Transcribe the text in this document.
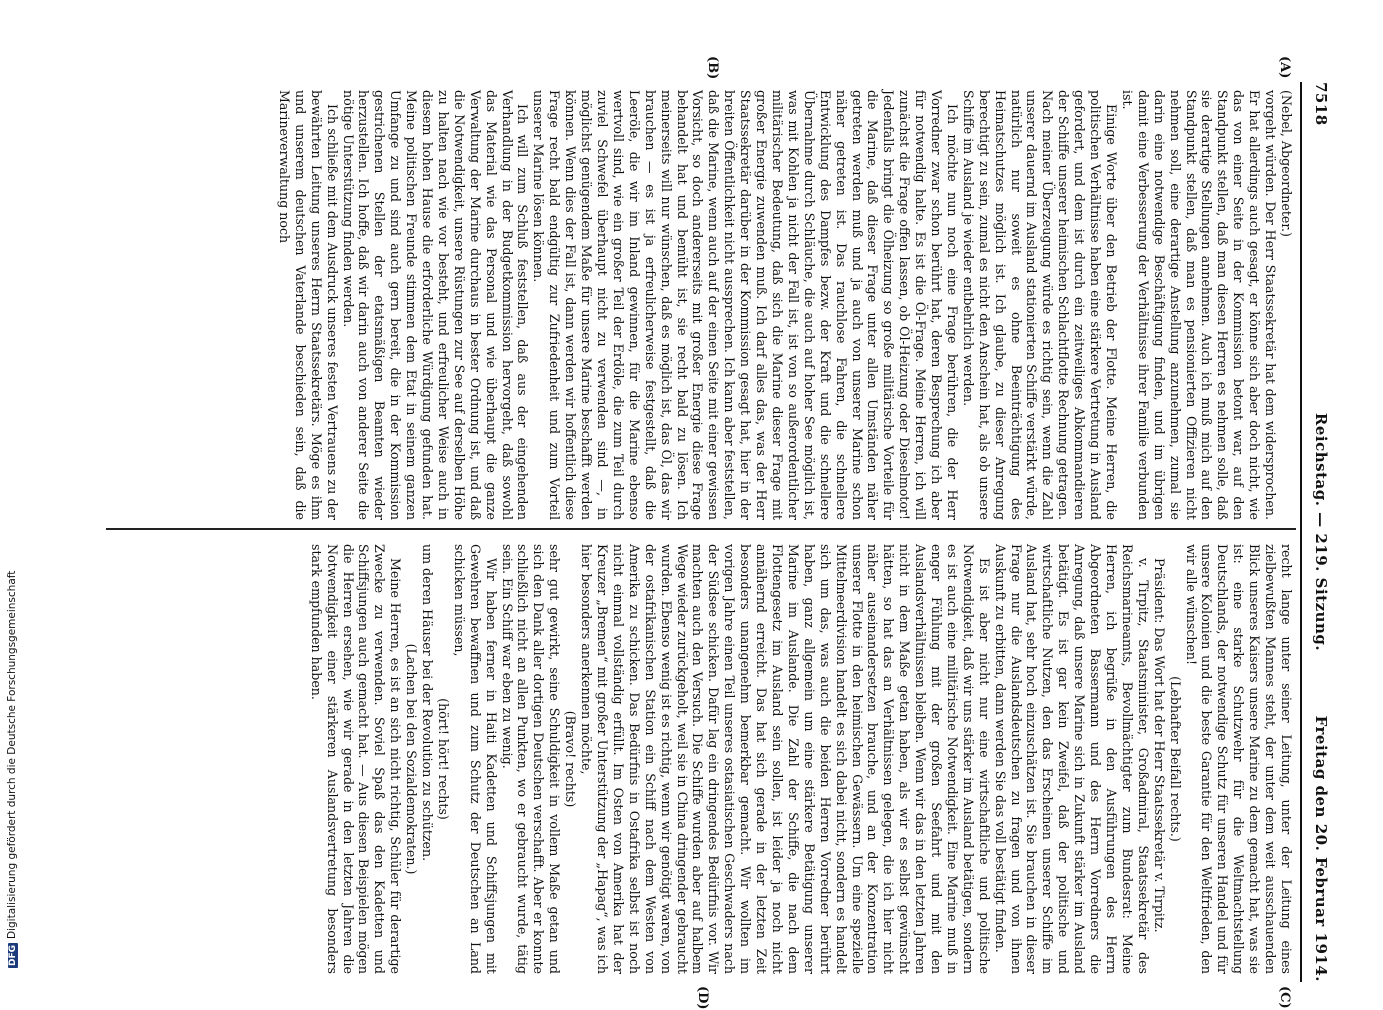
7518
Reichstag. — 219. Sitzung.
Freitag den 20. Februar 1914.
(A)
(B)
(C)
(D)

(Nebel, Abgeordneter.)

vorgeht würden. Der Herr Staatssekretär hat dem widersprochen. Er hat allerdings auch gesagt, er könne sich aber doch nicht, wie das von einer Seite in der Kommission betont war, auf den Standpunkt stellen, daß man diesen Herren es nehmen solle, daß sie derartige Stellungen annehmen. Auch ich muß mich auf den Standpunkt stellen, daß man es pensionierten Offizieren nicht nehmen soll, eine derartige Anstellung anzunehmen, zumal sie darin eine notwendige Beschäftigung finden, und im übrigen damit eine Verbesserung der Verhältnisse ihrer Familie verbunden ist.

Einige Worte über den Betrieb der Flotte. Meine Herren, die politischen Verhältnisse haben eine stärkere Vertretung in Ausland gefordert, und dem ist durch ein zeitweiliges Abkommandieren der Schiffe unserer heimischen Schlachtflotte Rechnung getragen. Nach meiner Überzeugung würde es richtig sein, wenn die Zahl unserer dauernd im Ausland stationierten Schiffe verstärkt würde, natürlich nur soweit es ohne Beeinträchtigung des Heimatschutzes möglich ist. Ich glaube, zu dieser Anregung berechtigt zu sein, zumal es nicht den Anschein hat, als ob unsere Schiffe im Ausland je wieder entbehrlich werden.

Ich möchte nun noch eine Frage berühren, die der Herr Vorredner zwar schon berührt hat, deren Besprechung ich aber für notwendig halte. Es ist die Öl-Frage. Meine Herren, ich will zunächst die Frage offen lassen, ob Öl-Heizung oder Dieselmotor! Jedenfalls bringt die Ölheizung so große militärische Vorteile für die Marine, daß dieser Frage unter allen Umständen näher getreten werden muß und ja auch von unserer Marine schon näher getreten ist. Das rauchlose Fahren, die schnellere Entwicklung des Dampfes bezw. der Kraft und die schnellere Übernahme durch Schläuche, die auch auf hoher See möglich ist, was mit Kohlen ja nicht der Fall ist, ist von so außerordentlicher militärischer Bedeutung, daß sich die Marine dieser Frage mit großer Energie zuwenden muß. Ich darf alles das, was der Herr Staatssekretär darüber in der Kommission gesagt hat, hier in der breiten Öffentlichkeit nicht aussprechen. Ich kann aber feststellen, daß die Marine, wenn auch auf der einen Seite mit einer gewissen Vorsicht, so doch andererseits mit großer Energie diese Frage behandelt hat und bemüht ist, sie recht bald zu lösen. Ich meinerseits will nur wünschen, daß es möglich ist, das Öl, das wir brauchen — es ist ja erfreulicherweise festgestellt, daß die Leeröle, die wir im Inland gewinnen, für die Marine ebenso wertvoll sind, wie ein großer Teil der Erdöle, die zum Teil durch zuviel Schwefel überhaupt nicht zu verwenden sind —, in möglichst genügendem Maße für unsere Marine beschafft werden können. Wenn dies der Fall ist, dann werden wir hoffentlich diese Frage recht bald endgültig zur Zufriedenheit und zum Vorteil unserer Marine lösen können.

Ich will zum Schluß feststellen, daß aus der eingehenden Verhandlung in der Budgetkommission hervorgeht, daß sowohl das Material wie das Personal und wie überhaupt die ganze Verwaltung der Marine durchaus in bester Ordnung ist, und daß die Notwendigkeit, unsere Rüstungen zur See auf derselben Höhe zu halten nach wie vor besteht, und erfreulicher Weise auch in diesem hohen Hause die erforderliche Würdigung gefunden hat. Meine politischen Freunde stimmen dem Etat in seinem ganzen Umfange zu und sind auch gern bereit, die in der Kommission gestrichenen Stellen der etatsmäßigen Beamten wieder herzustellen. Ich hoffe, daß wir darin auch von anderer Seite die nötige Unterstützung finden werden.

Ich schließe mit dem Ausdruck unseres festen Vertrauens zu der bewährten Leitung unseres Herrn Staatssekretärs. Möge es ihm und unserem deutschen Vaterlande beschieden sein, daß die Marineverwaltung noch

recht lange unter seiner Leitung, unter der Leitung eines zielbewußten Mannes steht, der unter dem weit ausschauenden Blick unseres Kaisers unsere Marine zu dem gemacht hat, was sie ist: eine starke Schutzwehr für die Weltmachtstellung Deutschlands, der notwendige Schutz für unseren Handel und für unsere Kolonien und die beste Garantie für den Weltfrieden, den wir alle wünschen!

(Lebhafter Beifall rechts.)

Präsident: Das Wort hat der Herr Staatssekretär v. Tirpitz.

v. Tirpitz, Staatsminister, Großadmiral, Staatssekretär des Reichsmarineamts, Bevollmächtigter zum Bundesrat: Meine Herren, ich begrüße in den Ausführungen des Herrn Abgeordneten Bassermann und des Herrn Vorredners die Anregung, daß unsere Marine sich in Zukunft stärker im Ausland betätigt. Es ist gar kein Zweifel, daß der politische und wirtschaftliche Nutzen, den das Erscheinen unserer Schiffe im Ausland hat, sehr hoch einzuschätzen ist. Sie brauchen in dieser Frage nur die Auslandsdeutschen zu fragen und von ihnen Auskunft zu erbitten, dann werden Sie das voll bestätigt finden.

Es ist aber nicht nur eine wirtschaftliche und politische Notwendigkeit, daß wir uns stärker im Ausland betätigen, sondern es ist auch eine militärische Notwendigkeit. Eine Marine muß in enger Fühlung mit der großen Seefahrt und mit den Auslandsverhältnissen bleiben. Wenn wir das in den letzten Jahren nicht in dem Maße getan haben, als wir es selbst gewünscht hätten, so hat das an Verhältnissen gelegen, die ich hier nicht näher auseinandersetzen brauche, und an der Konzentration unserer Flotte in den heimischen Gewässern. Um eine spezielle Mittelmeerdivision handelt es sich dabei nicht, sondern es handelt sich um das, was auch die beiden Herren Vorredner berührt haben, ganz allgemein um eine stärkere Betätigung unserer Marine im Auslande. Die Zahl der Schiffe, die nach dem Flottengesetz im Ausland sein sollen, ist leider ja noch nicht annähernd erreicht. Das hat sich gerade in der letzten Zeit besonders unangenehm bemerkbar gemacht. Wir wollten im vorigen Jahre einen Teil unseres ostasiatischen Geschwaders nach der Südsee schicken. Dafür lag ein dringendes Bedürfnis vor. Wir machten auch den Versuch. Die Schiffe wurden aber auf halbem Wege wieder zurückgeholt, weil sie in China dringender gebraucht wurden. Ebenso wenig ist es richtig, wenn wir genötigt waren, von der ostafrikanischen Station ein Schiff nach dem Westen von Amerika zu schicken. Das Bedürfnis in Ostafrika selbst ist noch nicht einmal vollständig erfüllt. Im Osten von Amerika hat der Kreuzer „Bremen“ mit großer Unterstützung der „Hapag“, was ich hier besonders anerkennen möchte,

(Bravo! rechts)

sehr gut gewirkt, seine Schuldigkeit in vollem Maße getan und sich den Dank aller dortigen Deutschen verschafft. Aber er konnte schließlich nicht an allen Punkten, wo er gebraucht wurde, tätig sein. Ein Schiff war eben zu wenig.

Wir haben ferner in Haiti Kadetten und Schiffsjungen mit Gewehren bewaffnen und zum Schutz der Deutschen an Land schicken müssen,

(hört! hört! rechts)

um deren Häuser bei der Revolution zu schützen.

(Lachen bei den Sozialdemokraten.)

Meine Herren, es ist an sich nicht richtig, Schüler für derartige Zwecke zu verwenden. Soviel Spaß das den Kadetten und Schiffsjungen auch gemacht hat. — Aus diesen Beispielen mögen die Herren ersehen, wie wir gerade in den letzten Jahren die Notwendigkeit einer stärkeren Auslandsvertretung besonders stark empfunden haben.

DFGDigitalisierung gefördert durch die Deutsche Forschungsgemeinschaft
